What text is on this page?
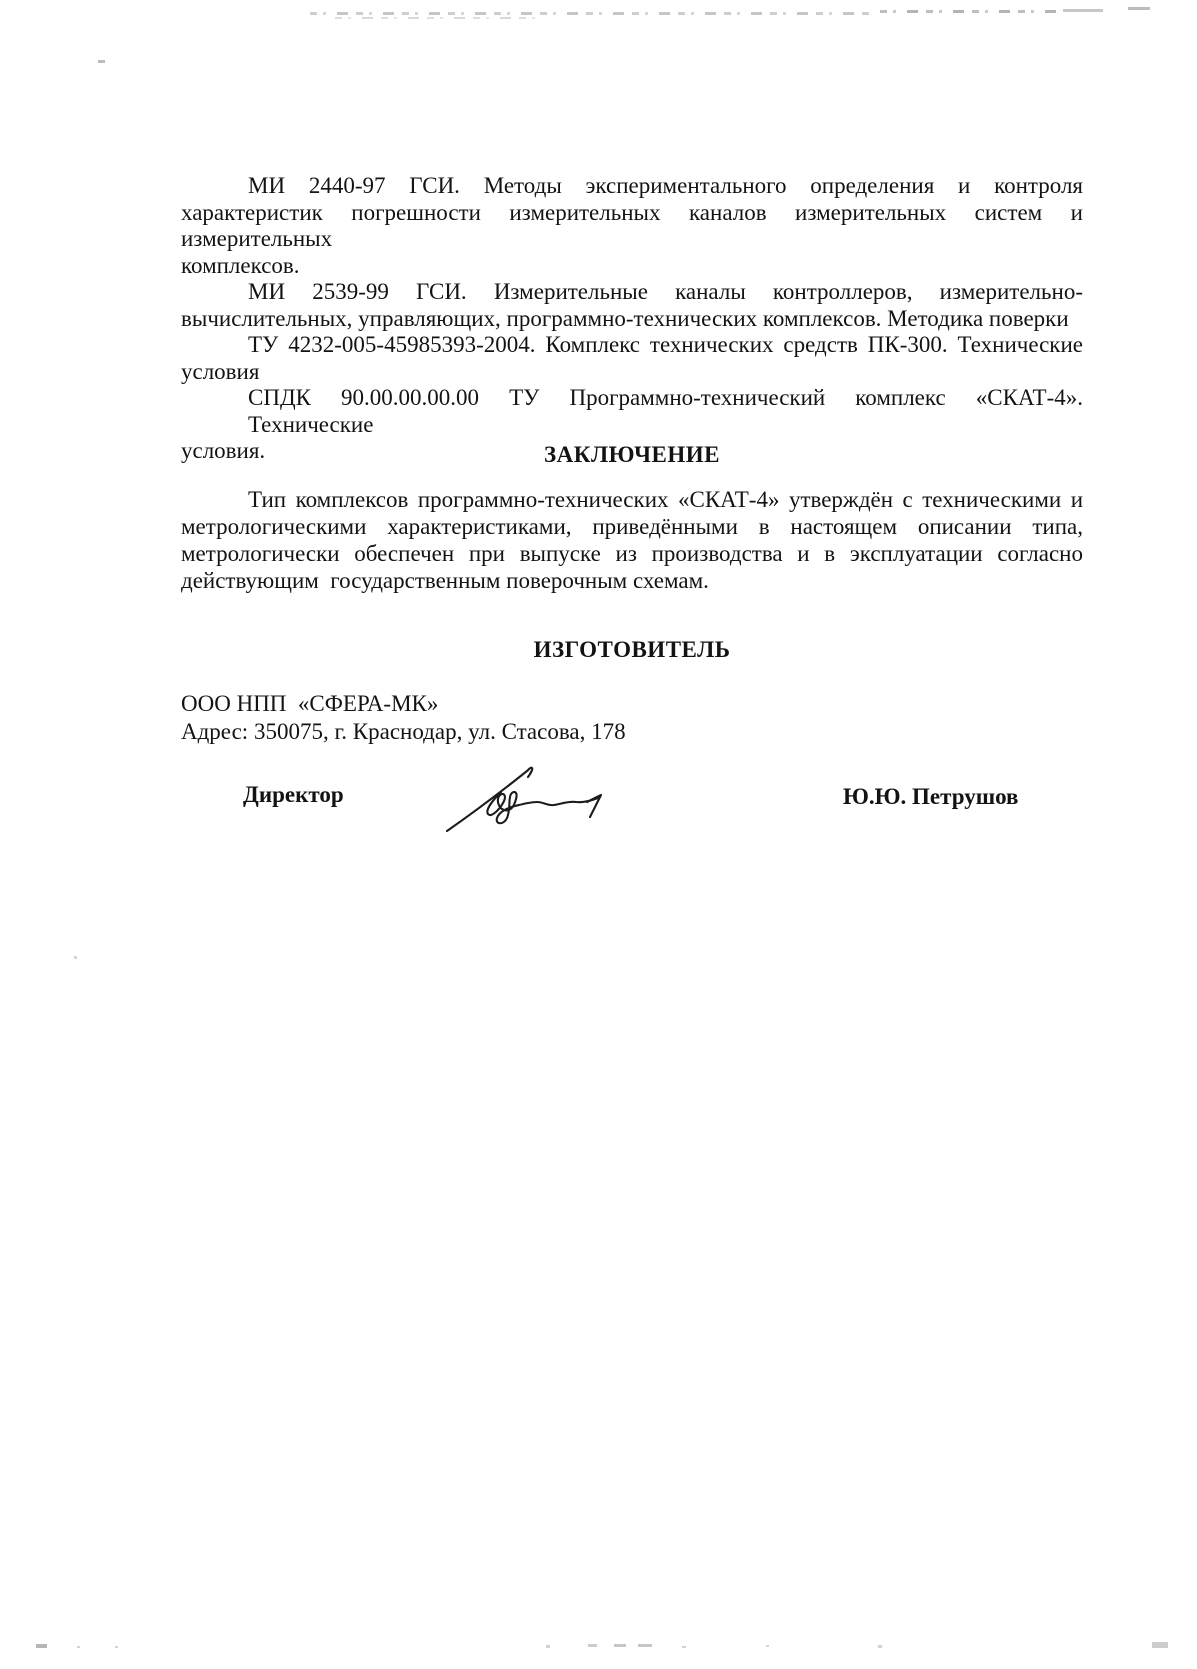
МИ 2440-97 ГСИ. Методы экспериментального определения и контроля
характеристик погрешности измерительных каналов измерительных систем и измерительных
комплексов.
МИ 2539-99 ГСИ. Измерительные каналы контроллеров, измерительно-
вычислительных, управляющих, программно-технических комплексов. Методика поверки
ТУ 4232-005-45985393-2004. Комплекс технических средств ПК-300. Технические
условия
СПДК 90.00.00.00.00 ТУ Программно-технический комплекс «СКАТ-4». Технические
условия.	ЗАКЛЮЧЕНИЕ
Тип комплексов программно-технических «СКАТ-4» утверждён с техническими и
метрологическими характеристиками, приведёнными в настоящем описании типа,
метрологически обеспечен при выпуске из производства и в эксплуатации согласно
действующим  государственным поверочным схемам.
ИЗГОТОВИТЕЛЬ
ООО НПП  «СФЕРА-МК»
Адрес: 350075, г. Краснодар, ул. Стасова, 178
Директор	Ю.Ю. Петрушов
